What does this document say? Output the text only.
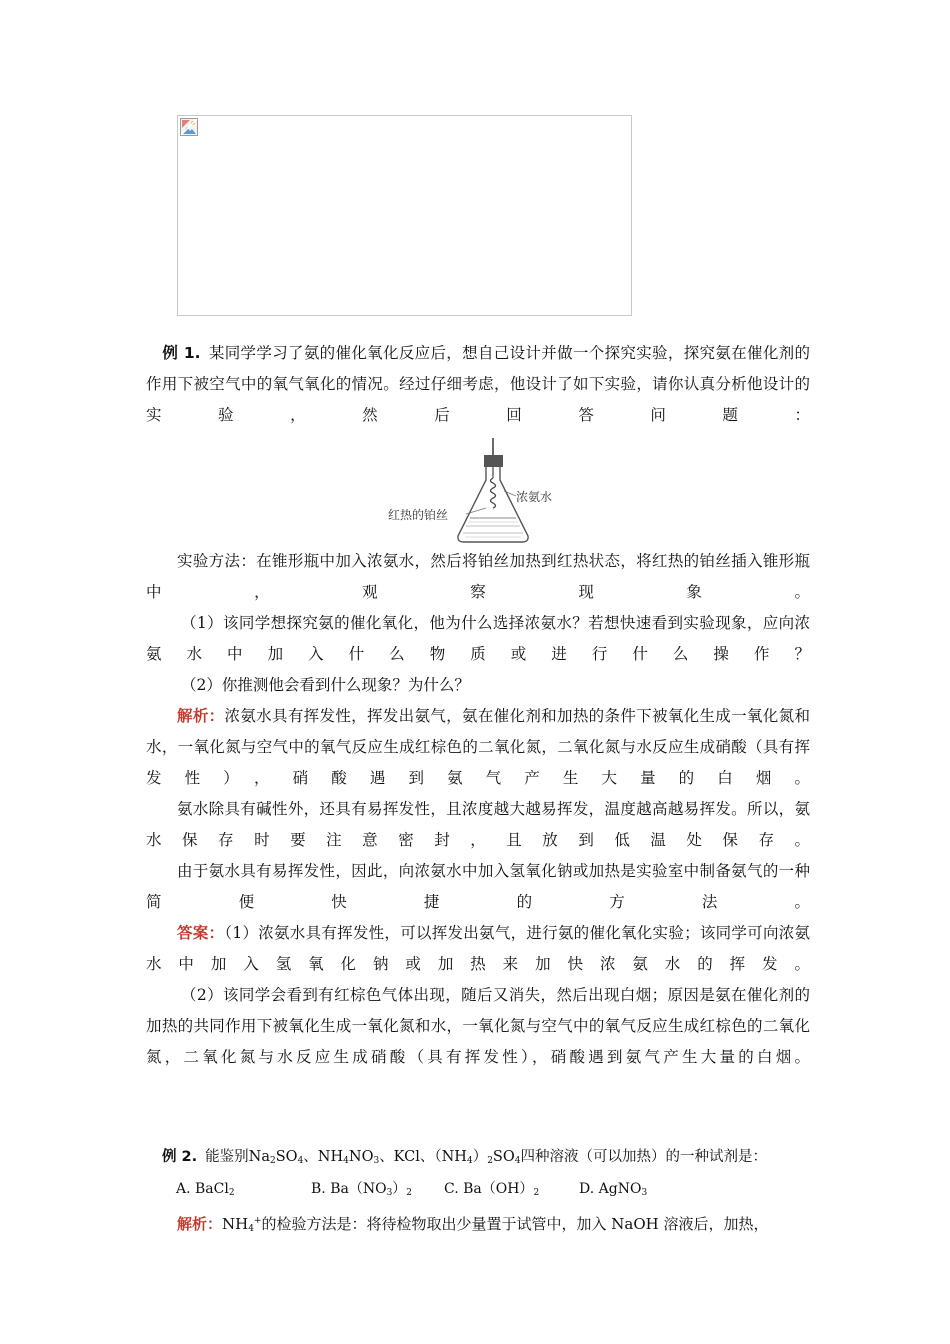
例 1. 某同学学习了氨的催化氧化反应后，想自己设计并做一个探究实验，探究氨在催化剂的作用下被空气中的氧气氧化的情况。经过仔细考虑，他设计了如下实验，请你认真分析他设计的实验，然后回答问题：

红热的铂丝
浓氨水

实验方法：在锥形瓶中加入浓氨水，然后将铂丝加热到红热状态，将红热的铂丝插入锥形瓶中，观察现象。

（1）该同学想探究氨的催化氧化，他为什么选择浓氨水？若想快速看到实验现象，应向浓氨水中加入什么物质或进行什么操作？

（2）你推测他会看到什么现象？为什么？

解析：浓氨水具有挥发性，挥发出氨气，氨在催化剂和加热的条件下被氧化生成一氧化氮和水，一氧化氮与空气中的氧气反应生成红棕色的二氧化氮，二氧化氮与水反应生成硝酸（具有挥发性），硝酸遇到氨气产生大量的白烟。

氨水除具有碱性外，还具有易挥发性，且浓度越大越易挥发，温度越高越易挥发。所以，氨水保存时要注意密封，且放到低温处保存。

由于氨水具有易挥发性，因此，向浓氨水中加入氢氧化钠或加热是实验室中制备氨气的一种简便快捷的方法。

答案：（1）浓氨水具有挥发性，可以挥发出氨气，进行氨的催化氧化实验；该同学可向浓氨水中加入氢氧化钠或加热来加快浓氨水的挥发。

（2）该同学会看到有红棕色气体出现，随后又消失，然后出现白烟；原因是氨在催化剂的加热的共同作用下被氧化生成一氧化氮和水，一氧化氮与空气中的氧气反应生成红棕色的二氧化氮，二氧化氮与水反应生成硝酸（具有挥发性），硝酸遇到氨气产生大量的白烟。

例 2. 能鉴别$Na_2SO_4$、$NH_4NO_3$、KCl、$(NH_4)_2SO_4$四种溶液（可以加热）的一种试剂是：

A. BaCl$_2$	B. $Ba(NO_3)_2$ C. $Ba(OH)_2$	D. AgNO$_3$

解析：$NH_4^+$的检验方法是：将待检物取出少量置于试管中，加入 NaOH 溶液后，加热，
